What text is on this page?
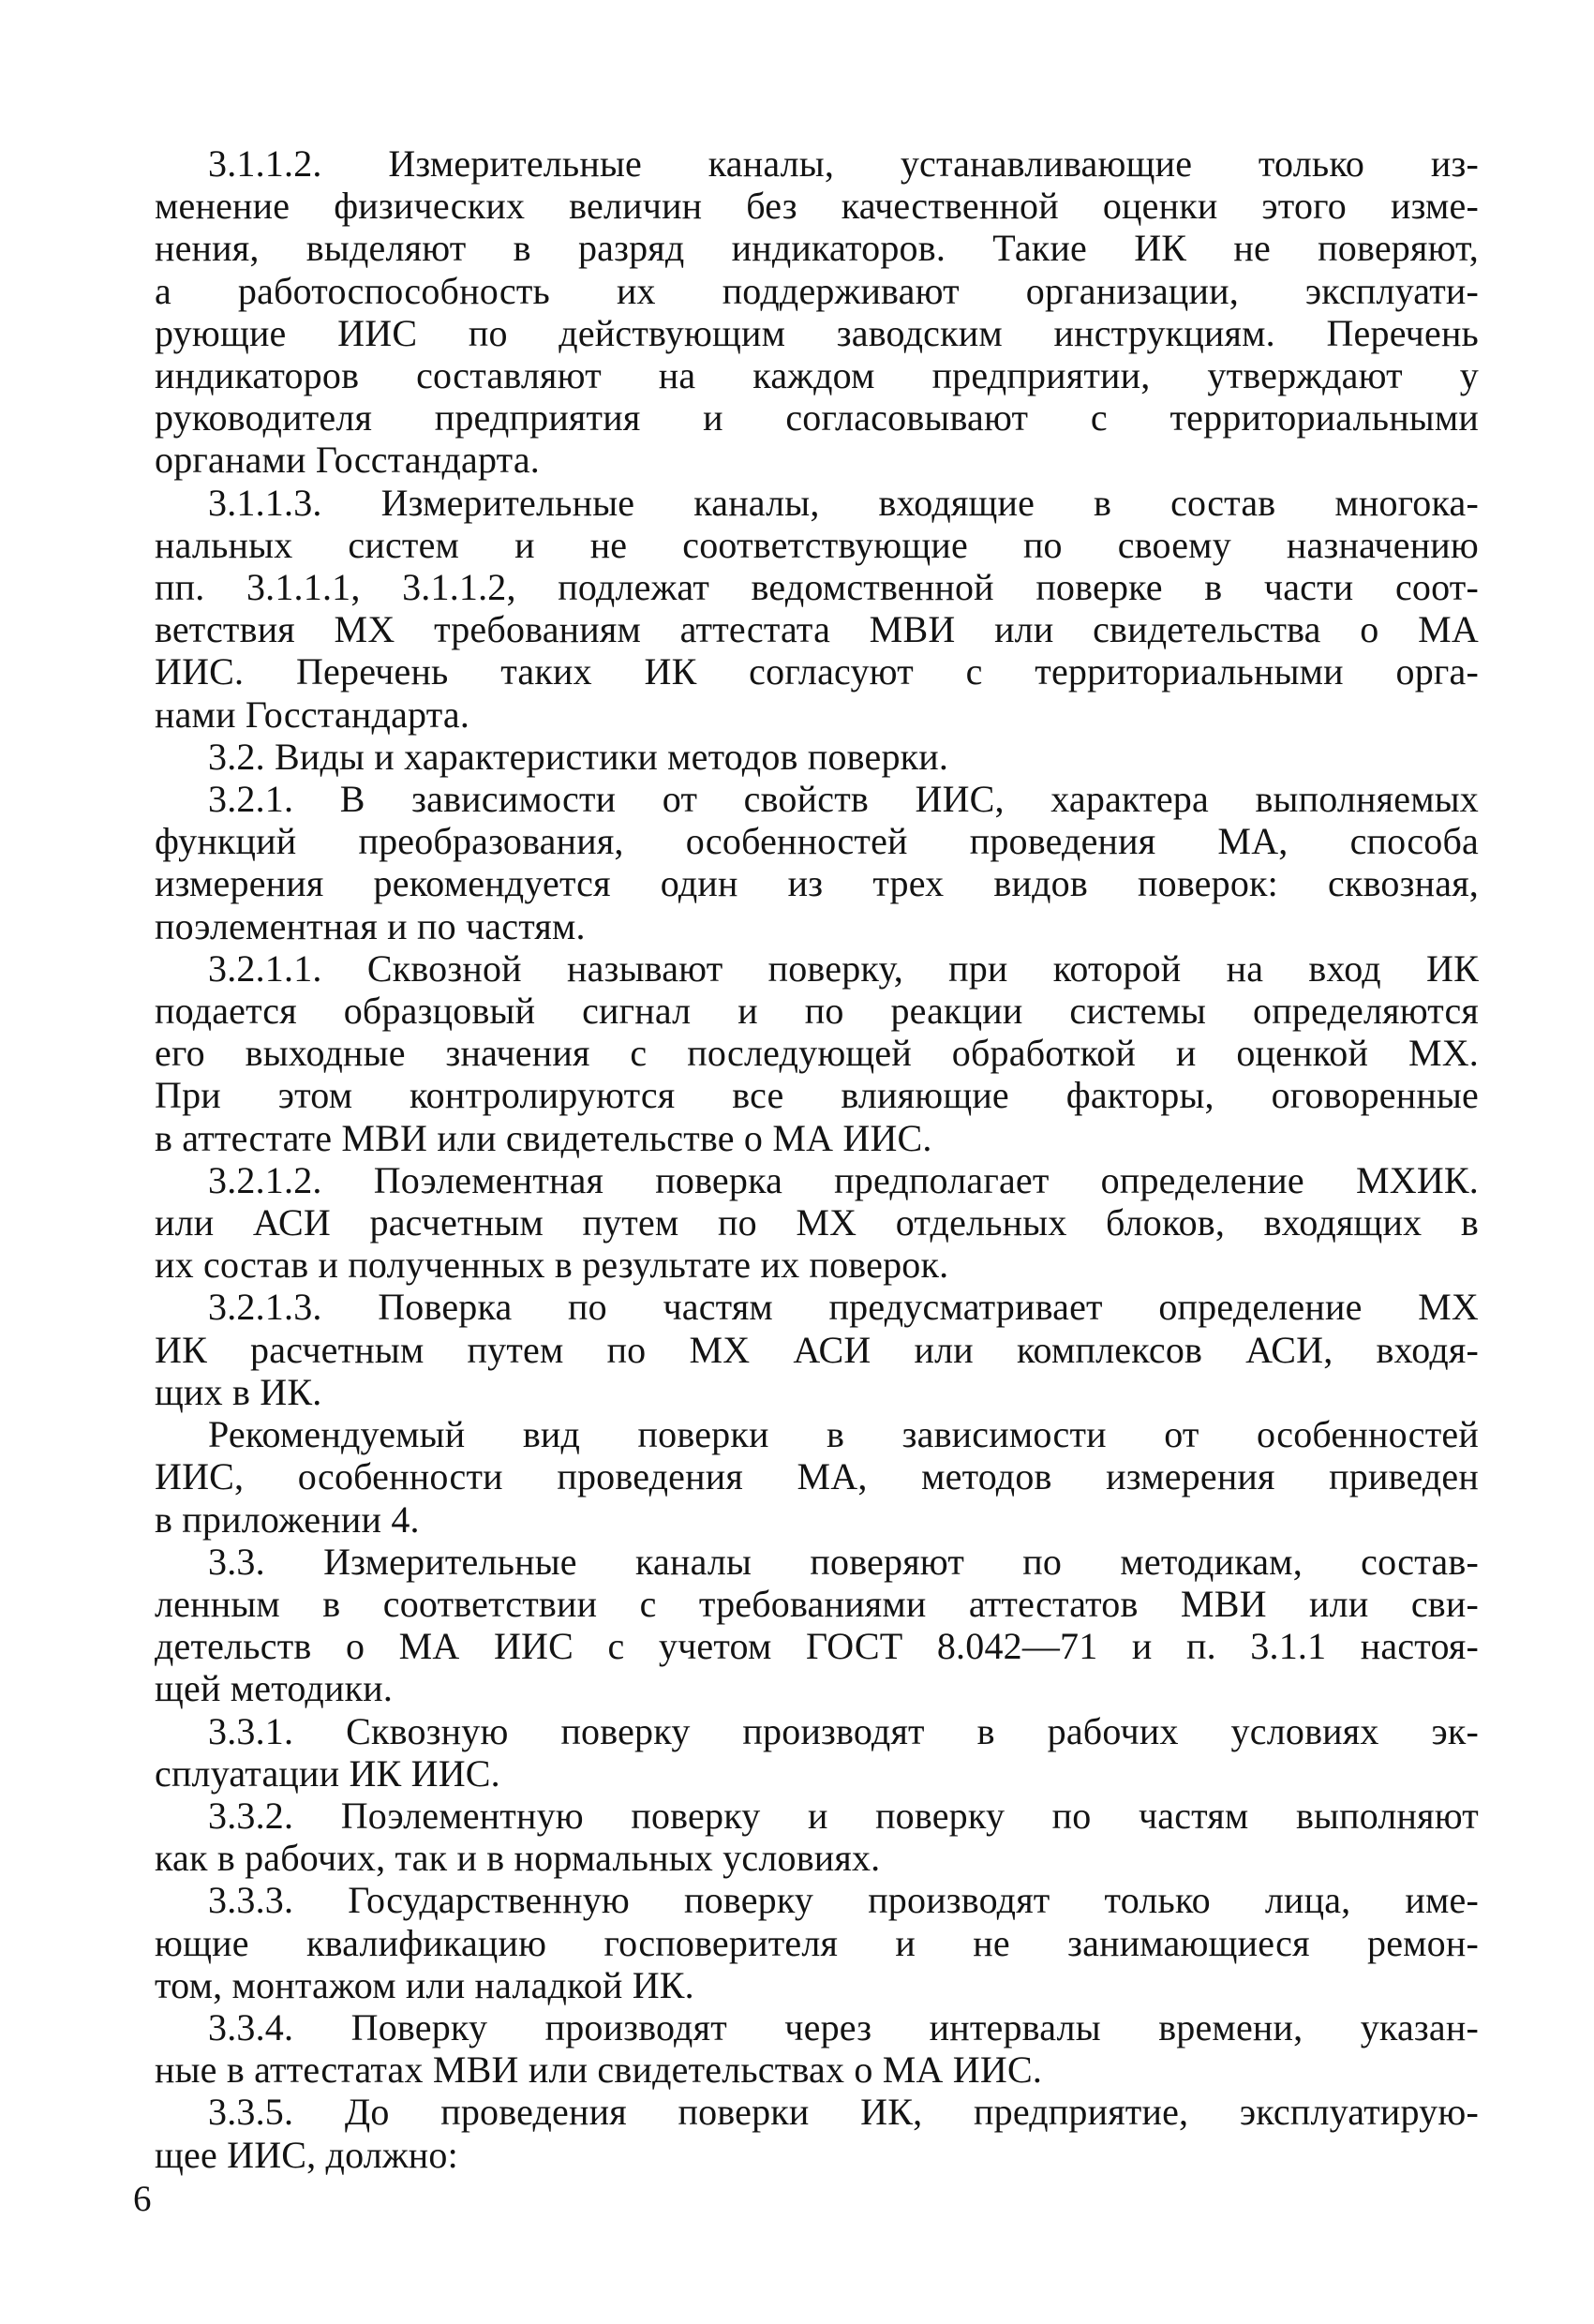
3.1.1.2. Измерительные каналы, устанавливающие только из-
менение физических величин без качественной оценки этого изме-
нения, выделяют в разряд индикаторов. Такие ИК не поверяют,
а работоспособность их поддерживают организации, эксплуати-
рующие ИИС по действующим заводским инструкциям. Перечень
индикаторов составляют на каждом предприятии, утверждают у
руководителя предприятия и согласовывают с территориальными
органами Госстандарта.
3.1.1.3. Измерительные каналы, входящие в состав многока-
нальных систем и не соответствующие по своему назначению
пп. 3.1.1.1, 3.1.1.2, подлежат ведомственной поверке в части соот-
ветствия МХ требованиям аттестата МВИ или свидетельства о МА
ИИС. Перечень таких ИК согласуют с территориальными орга-
нами Госстандарта.
3.2. Виды и характеристики методов поверки.
3.2.1. В зависимости от свойств ИИС, характера выполняемых
функций преобразования, особенностей проведения МА, способа
измерения рекомендуется один из трех видов поверок: сквозная,
поэлементная и по частям.
3.2.1.1. Сквозной называют поверку, при которой на вход ИК
подается образцовый сигнал и по реакции системы определяются
его выходные значения с последующей обработкой и оценкой МХ.
При этом контролируются все влияющие факторы, оговоренные
в аттестате МВИ или свидетельстве о МА ИИС.
3.2.1.2. Поэлементная поверка предполагает определение МХИК.
или АСИ расчетным путем по МХ отдельных блоков, входящих в
их состав и полученных в результате их поверок.
3.2.1.3. Поверка по частям предусматривает определение МХ
ИК расчетным путем по МХ АСИ или комплексов АСИ, входя-
щих в ИК.
Рекомендуемый вид поверки в зависимости от особенностей
ИИС, особенности проведения МА, методов измерения приведен
в приложении 4.
3.3. Измерительные каналы поверяют по методикам, состав-
ленным в соответствии с требованиями аттестатов МВИ или сви-
детельств о МА ИИС с учетом ГОСТ 8.042—71 и п. 3.1.1 настоя-
щей методики.
3.3.1. Сквозную поверку производят в рабочих условиях эк-
сплуатации ИК ИИС.
3.3.2. Поэлементную поверку и поверку по частям выполняют
как в рабочих, так и в нормальных условиях.
3.3.3. Государственную поверку производят только лица, име-
ющие квалификацию госповерителя и не занимающиеся ремон-
том, монтажом или наладкой ИК.
3.3.4. Поверку производят через интервалы времени, указан-
ные в аттестатах МВИ или свидетельствах о МА ИИС.
3.3.5. До проведения поверки ИК, предприятие, эксплуатирую-
щее ИИС, должно:
6
